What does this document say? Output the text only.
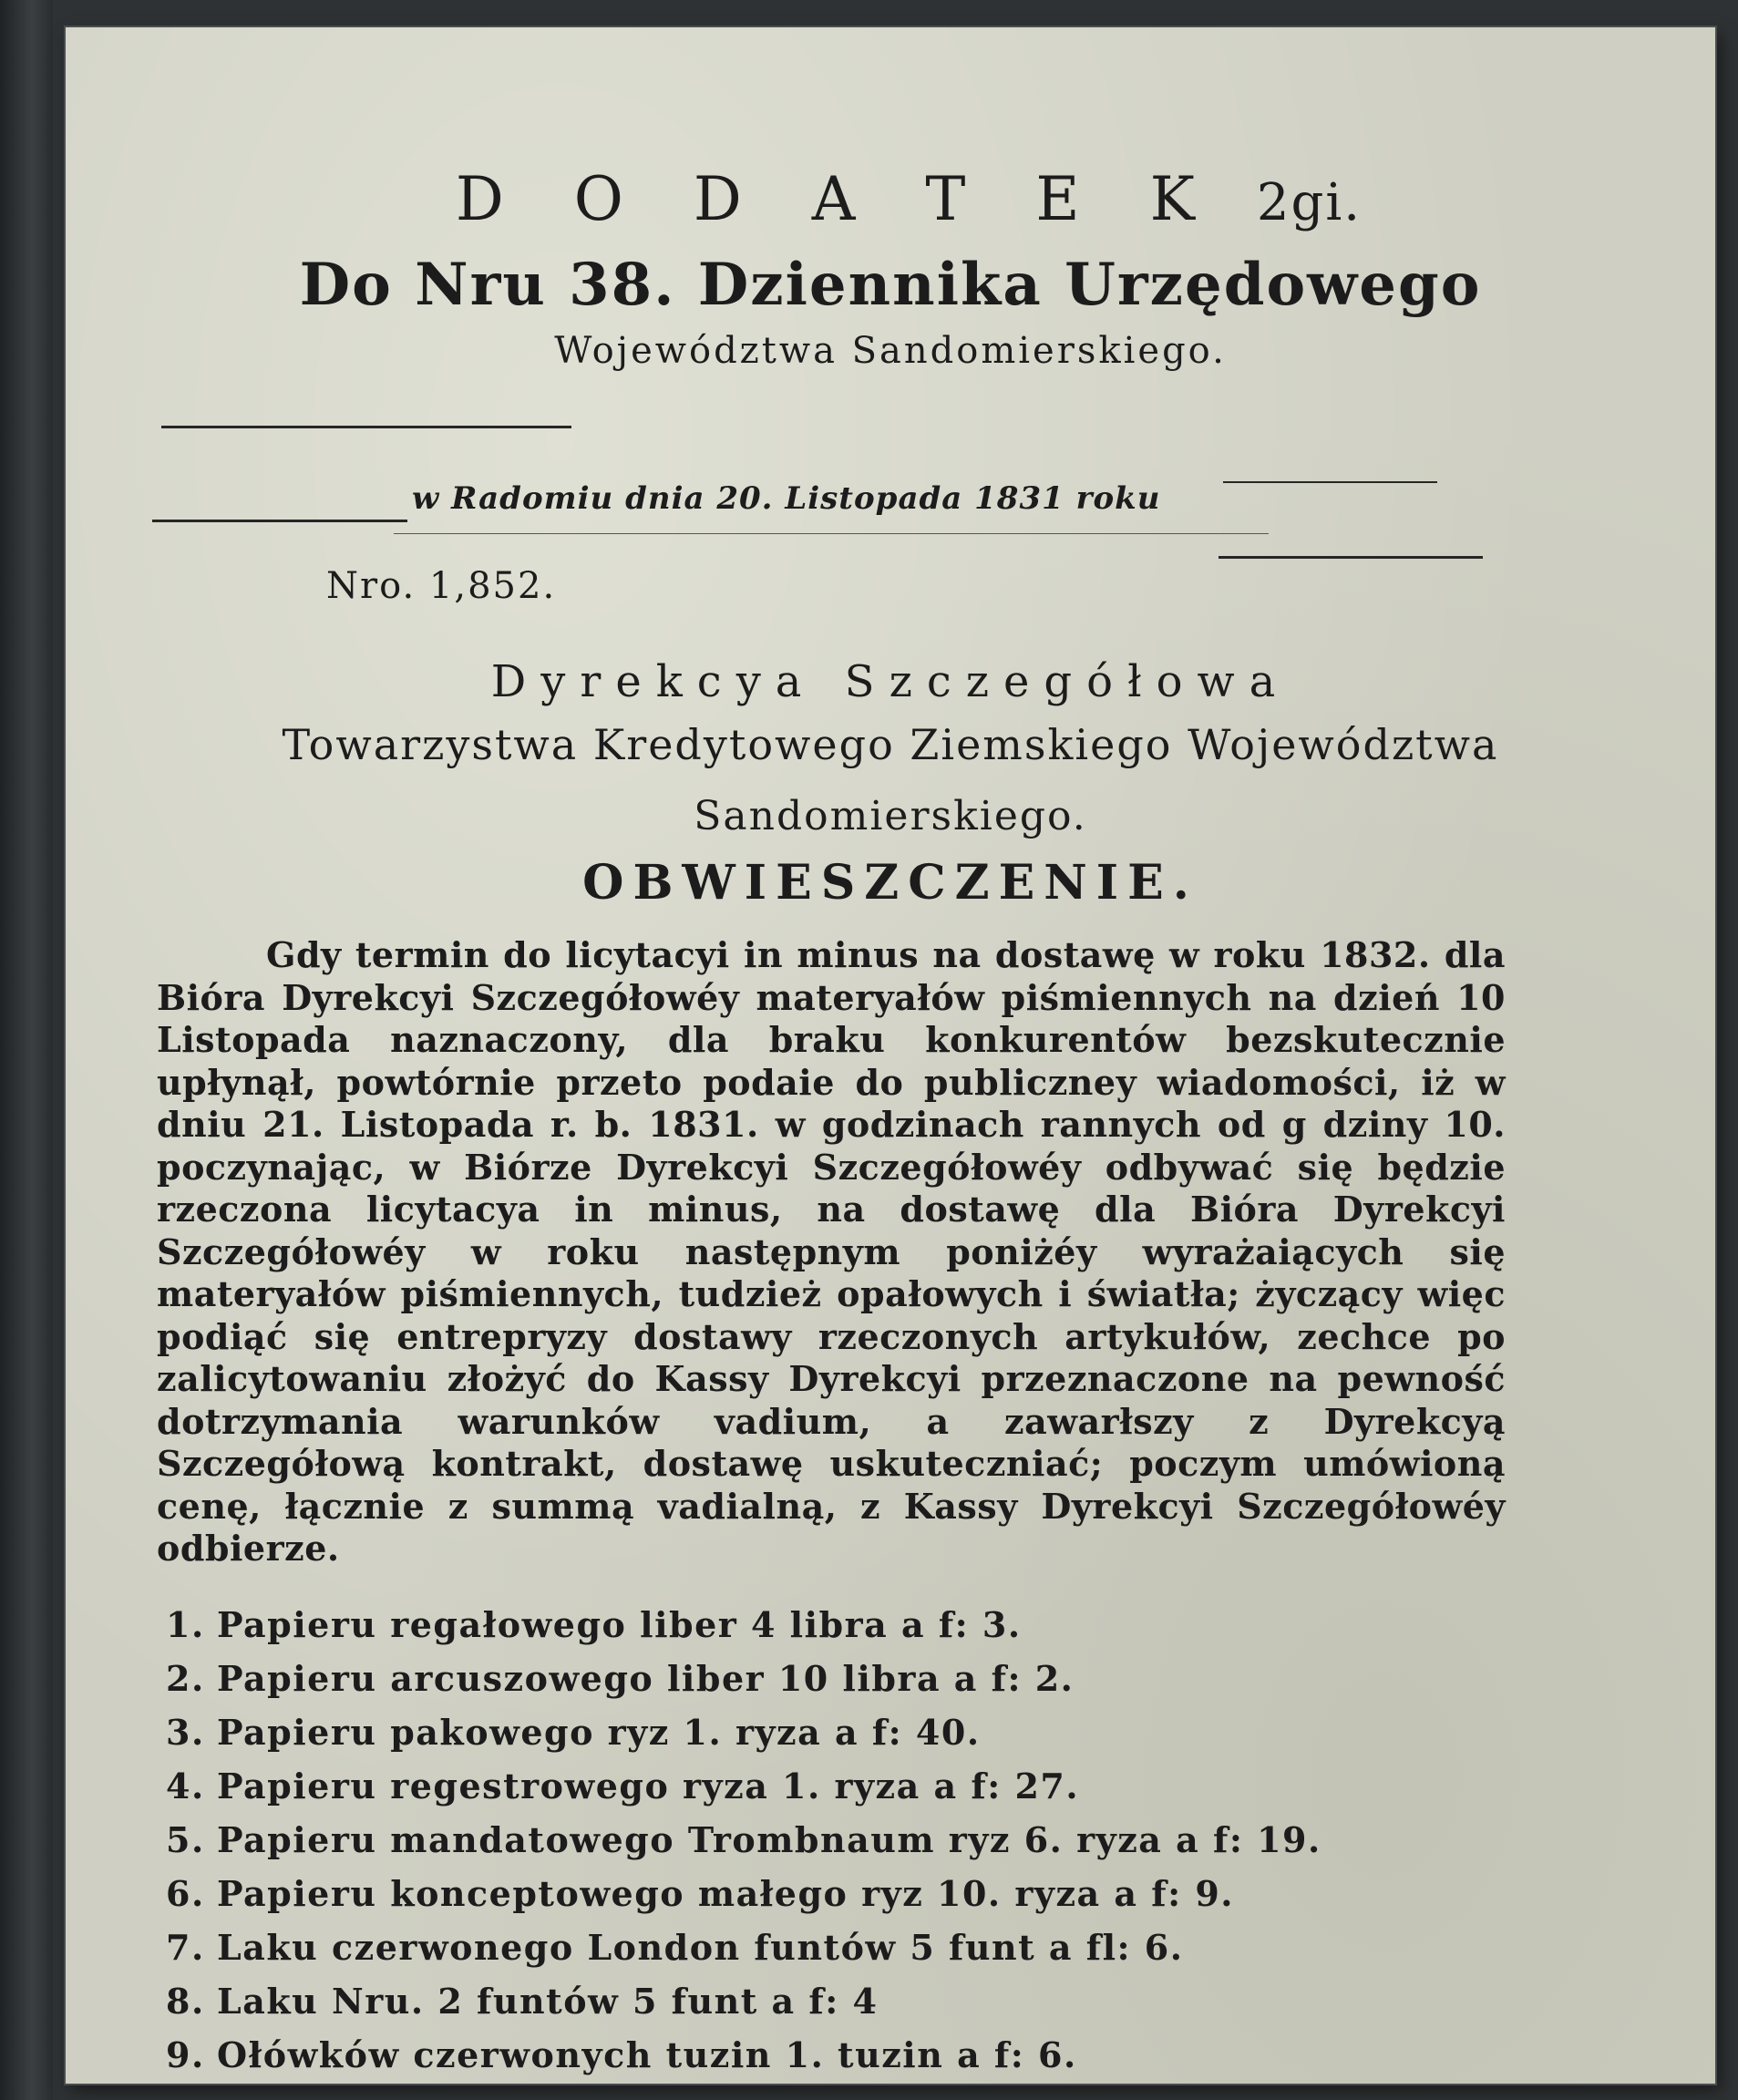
D O D A T E K 2gi.
Do Nru 38. Dziennika Urzędowego
Województwa Sandomierskiego.
w Radomiu dnia 20. Listopada 1831 roku
Nro. 1,852.
Dyrekcya Szczegółowa
Towarzystwa Kredytowego Ziemskiego Województwa
Sandomierskiego.
OBWIESZCZENIE.
Gdy termin do licytacyi in minus na dostawę w roku 1832. dla Bióra Dyrekcyi Szczegółowéy materyałów piśmiennych na dzień 10 Listopada naznaczony, dla braku konkurentów bezskutecznie upłynął, powtórnie przeto podaie do publiczney wiadomości, iż w dniu 21. Listopada r. b. 1831. w godzinach rannych od g dziny 10. poczynając, w Biórze Dyrekcyi Szczegółowéy odbywać się będzie rzeczona licytacya in minus, na dostawę dla Biórа Dyrekcyi Szczegółowéy w roku następnym poniżéy wyrażaiących się materyałów piśmiennych, tudzież opałowych i światła; życzący więc podiąć się entrepryzy dostawy rzeczonych artykułów, zechce po zalicytowaniu złożyć do Kassy Dyrekcyi przeznaczone na pewność dotrzymania warunków vadium, a zawarłszy z Dyrekcyą Szczegółową kontrakt, dostawę uskuteczniać; poczym umówioną cenę, łącznie z summą vadialną, z Kassy Dyrekcyi Szczegółowéy odbierze.
1. Papieru regałowego liber 4 libra a f: 3.
2. Papieru arcuszowego liber 10 libra a f: 2.
3. Papieru pakowego ryz 1. ryza a f: 40.
4. Papieru regestrowego ryza 1. ryza a f: 27.
5. Papieru mandatowego Trombnaum ryz 6. ryza a f: 19.
6. Papieru konceptowego małego ryz 10. ryza a f: 9.
7. Laku czerwonego London funtów 5 funt a fl: 6.
8. Laku Nru. 2 funtów 5 funt a f: 4
9. Ołówków czerwonych tuzin 1. tuzin a f: 6.
